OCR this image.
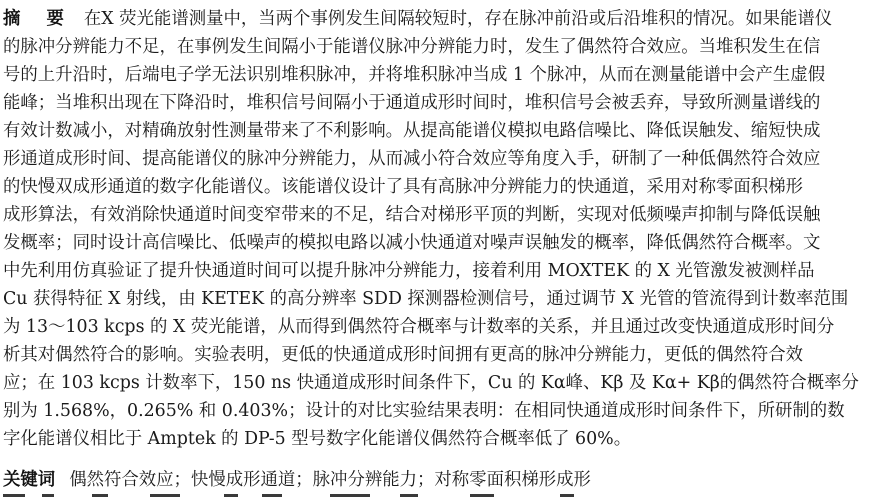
摘 要 在X 荧光能谱测量中，当两个事例发生间隔较短时，存在脉冲前沿或后沿堆积的情况。如果能谱仪
的脉冲分辨能力不足，在事例发生间隔小于能谱仪脉冲分辨能力时，发生了偶然符合效应。当堆积发生在信
号的上升沿时，后端电子学无法识别堆积脉冲，并将堆积脉冲当成 1 个脉冲，从而在测量能谱中会产生虚假
能峰；当堆积出现在下降沿时，堆积信号间隔小于通道成形时间时，堆积信号会被丢弃，导致所测量谱线的
有效计数减小，对精确放射性测量带来了不利影响。从提高能谱仪模拟电路信噪比、降低误触发、缩短快成
形通道成形时间、提高能谱仪的脉冲分辨能力，从而减小符合效应等角度入手，研制了一种低偶然符合效应
的快慢双成形通道的数字化能谱仪。该能谱仪设计了具有高脉冲分辨能力的快通道，采用对称零面积梯形
成形算法，有效消除快通道时间变窄带来的不足，结合对梯形平顶的判断，实现对低频噪声抑制与降低误触
发概率；同时设计高信噪比、低噪声的模拟电路以减小快通道对噪声误触发的概率，降低偶然符合概率。文
中先利用仿真验证了提升快通道时间可以提升脉冲分辨能力，接着利用 MOXTEK 的 X 光管激发被测样品
Cu 获得特征 X 射线，由 KETEK 的高分辨率 SDD 探测器检测信号，通过调节 X 光管的管流得到计数率范围
为 13～103 kcps 的 X 荧光能谱，从而得到偶然符合概率与计数率的关系，并且通过改变快通道成形时间分
析其对偶然符合的影响。实验表明，更低的快通道成形时间拥有更高的脉冲分辨能力，更低的偶然符合效
应；在 103 kcps 计数率下，150 ns 快通道成形时间条件下，Cu 的 Kα峰、Kβ 及 Kα+ Kβ的偶然符合概率分
别为 1.568%，0.265% 和 0.403%；设计的对比实验结果表明：在相同快通道成形时间条件下，所研制的数
字化能谱仪相比于 Amptek 的 DP-5 型号数字化能谱仪偶然符合概率低了 60%。
关键词 偶然符合效应；快慢成形通道；脉冲分辨能力；对称零面积梯形成形
